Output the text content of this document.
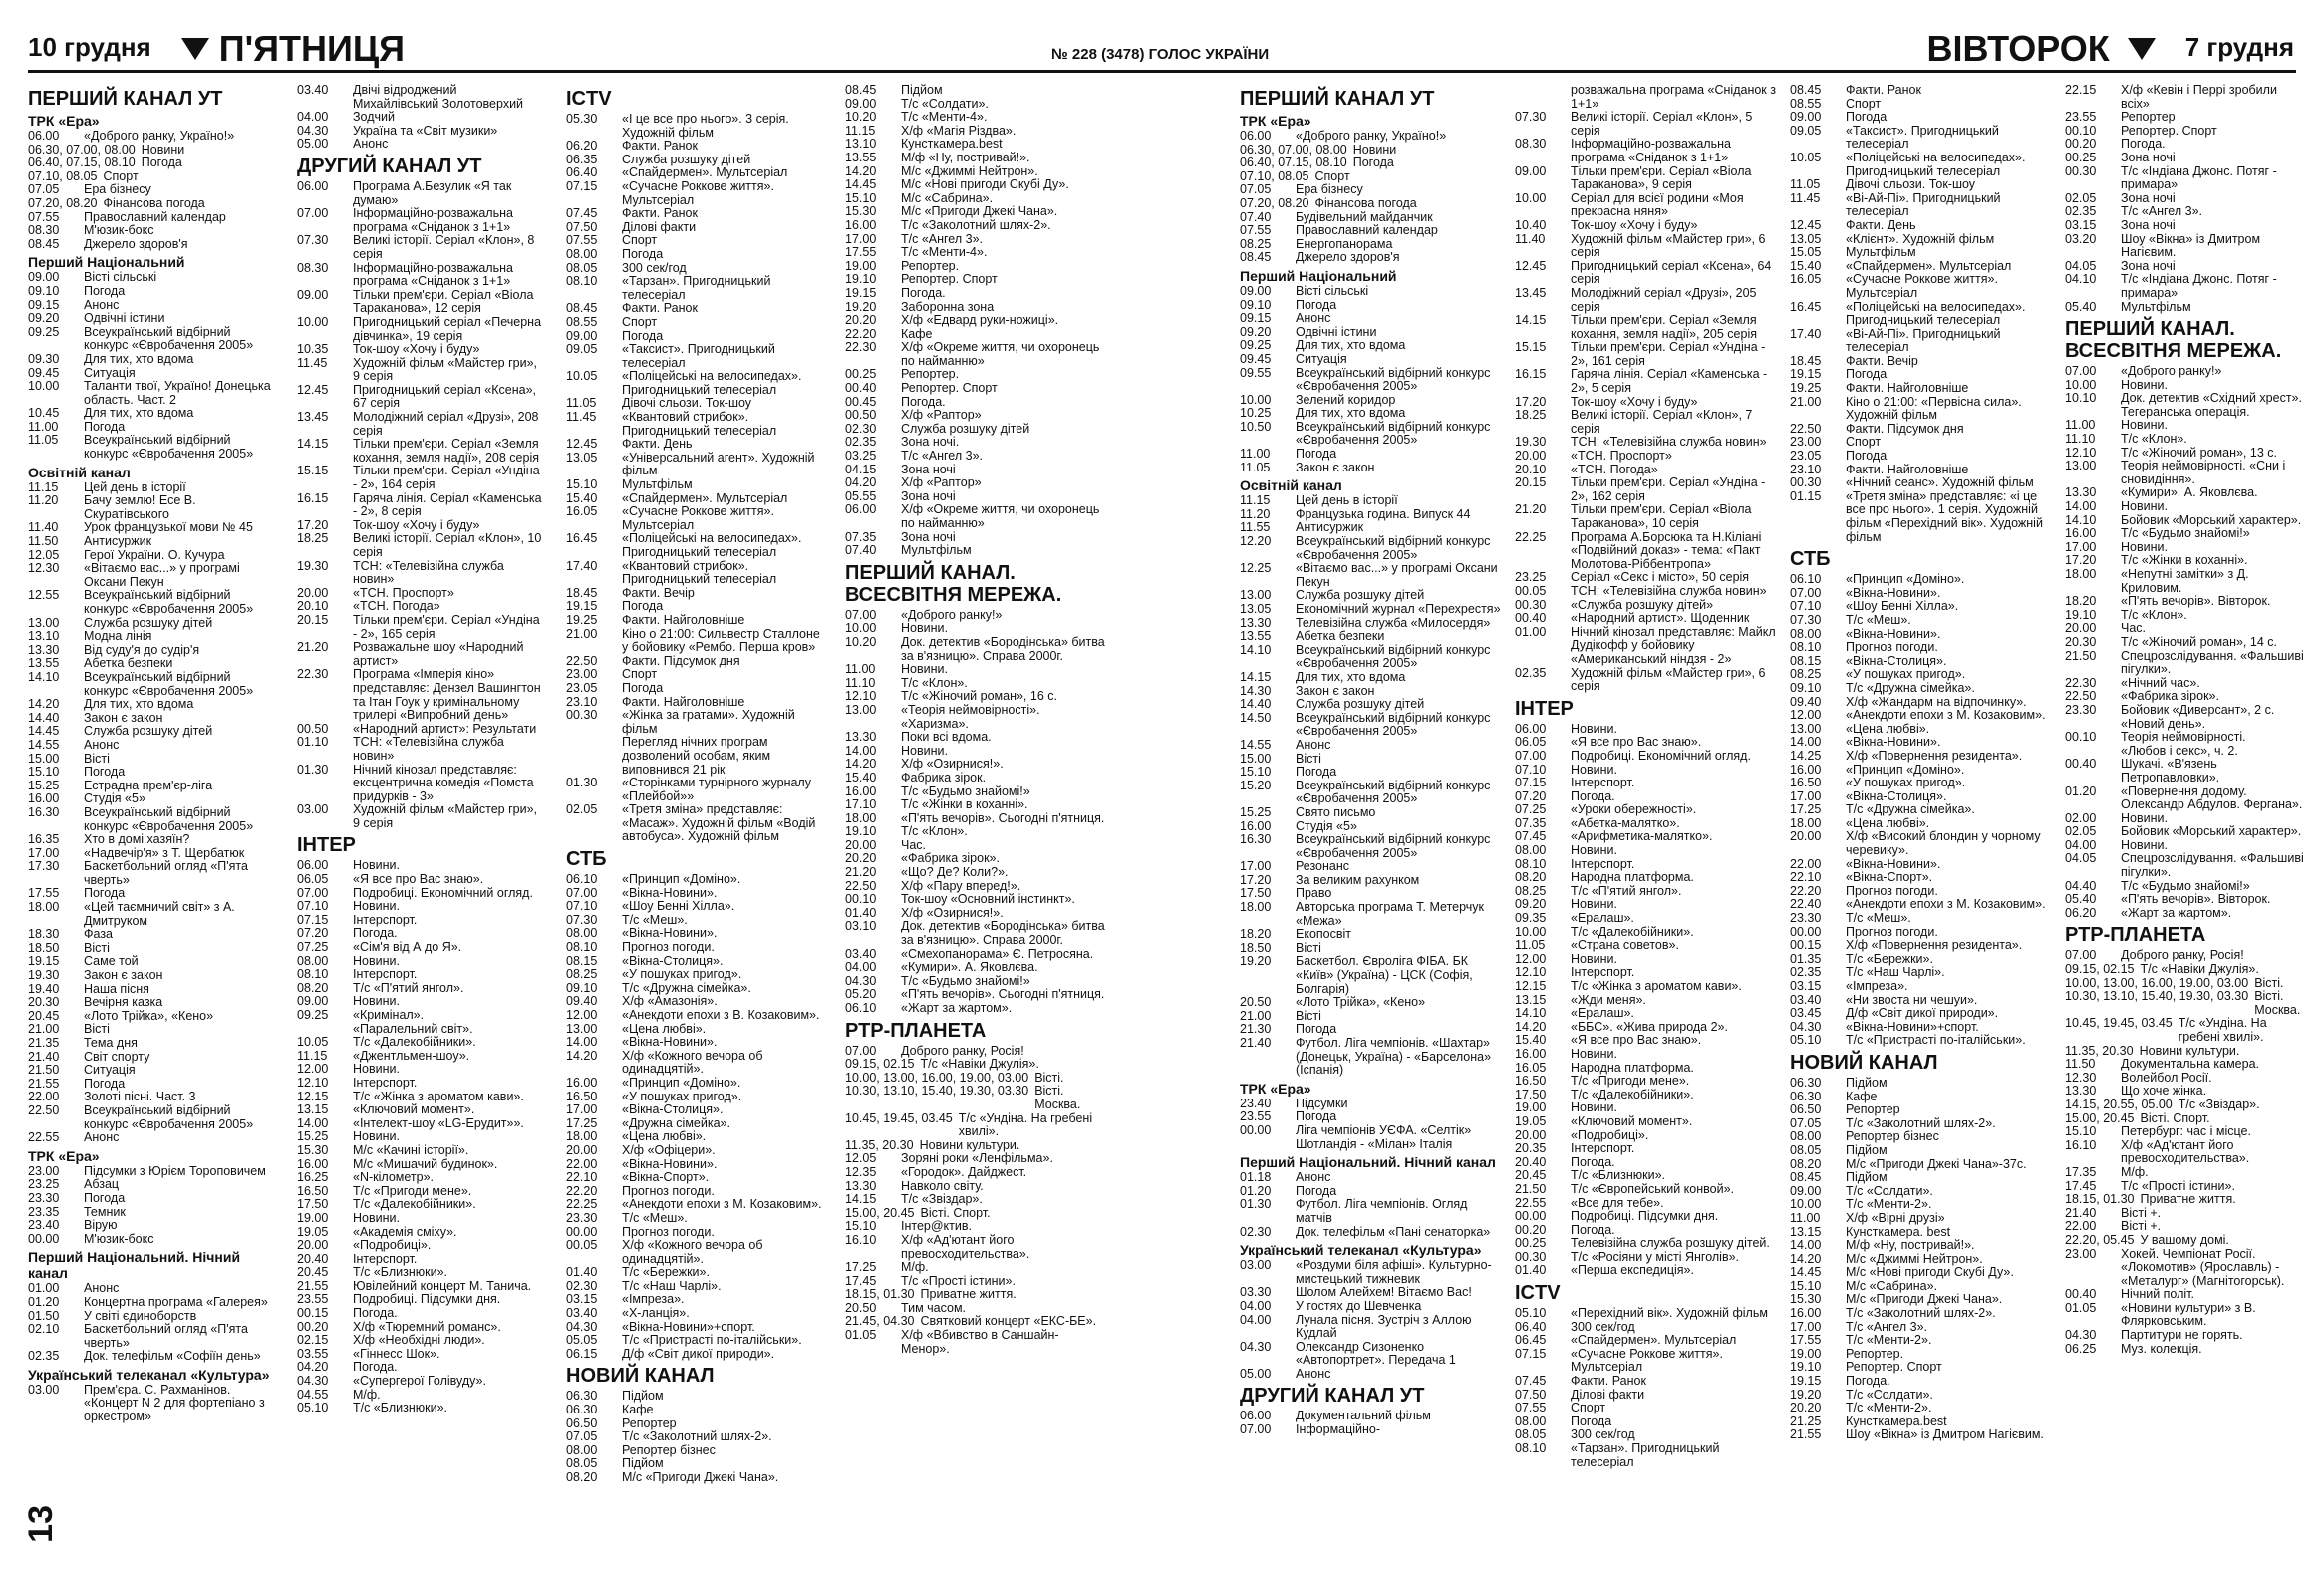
10 грудня П'ЯТНИЦЯ	№ 228 (3478) ГОЛОС УКРАЇНИ	ВІВТОРОК	7 грудня
13
ПЕРШИЙ КАНАЛ УТ
ТРК «Ера»
06.00	«Доброго ранку, Україно!»
06.30, 07.00, 08.00 Новини
06.40, 07.15, 08.10 Погода
07.10, 08.05 Спорт
07.05	Ера бізнесу
07.20, 08.20 Фінансова погода
07.55	Православний календар
08.30	М'юзик-бокс
08.45	Джерело здоров'я
Перший Національний
09.00	Вісті сільські
09.10	Погода
09.15	Анонс
09.20	Одвічні істини
09.25	Всеукраїнський відбірний конкурс «Євробачення 2005»
09.30	Для тих, хто вдома
09.45	Ситуація
10.00	Таланти твої, Україно! Донецька область. Част. 2
10.45	Для тих, хто вдома
11.00	Погода
11.05	Всеукраїнський відбірний конкурс «Євробачення 2005»
Освітній канал
11.15	Цей день в історії
11.20	Бачу землю! Есе В. Скуратівського
11.40	Урок французької мови № 45
11.50	Антисуржик
12.05	Герої України. О. Кучура
12.30	«Вітаємо вас...» у програмі Оксани Пекун
12.55	Всеукраїнський відбірний конкурс «Євробачення 2005»
13.00	Служба розшуку дітей
13.10	Модна лінія
13.30	Від суду'я до судір'я
13.55	Абетка безпеки
14.10	Всеукраїнський відбірний конкурс «Євробачення 2005»
14.20	Для тих, хто вдома
14.40	Закон є закон
14.45	Служба розшуку дітей
14.55	Анонс
15.00	Вісті
15.10	Погода
15.25	Естрадна прем'єр-ліга
16.00	Студія «5»
16.30	Всеукраїнський відбірний конкурс «Євробачення 2005»
16.35	Хто в домі хазяїн?
17.00	«Надвечір'я» з Т. Щербатюк
17.30	Баскетбольний огляд «П'ята чверть»
17.55	Погода
18.00	«Цей таємничий світ» з А. Дмитруком
18.30	Фаза
18.50	Вісті
19.15	Саме той
19.30	Закон є закон
19.40	Наша пісня
20.30	Вечірня казка
20.45	«Лото Трійка», «Кено»
21.00	Вісті
21.35	Тема дня
21.40	Світ спорту
21.50	Ситуація
21.55	Погода
22.00	Золоті пісні. Част. 3
22.50	Всеукраїнський відбірний конкурс «Євробачення 2005»
22.55	Анонс
ТРК «Ера»
23.00	Підсумки з Юрієм Тороповичем
23.25	Абзац
23.30	Погода
23.35	Темник
23.40	Вірую
00.00	М'юзик-бокс
Перший Національний. Нічний канал
01.00	Анонс
01.20	Концертна програма «Галерея»
01.50	У світі єдиноборств
02.10	Баскетбольний огляд «П'ята чверть»
02.35	Док. телефільм «Софіїн день»
Український телеканал «Культура»
03.00	Прем'єра. С. Рахманінов. «Концерт N 2 для фортепіано з оркестром»
03.40	Двічі відроджений Михайлівський Золотоверхий
04.00	Зодчий
04.30	Україна та «Світ музики»
05.00	Анонс
ДРУГИЙ КАНАЛ УТ
06.00	Програма А.Безулик «Я так думаю»
07.00	Інформаційно-розважальна програма «Сніданок з 1+1»
07.30	Великі історії. Серіал «Клон», 8 серія
08.30	Інформаційно-розважальна програма «Сніданок з 1+1»
09.00	Тільки прем'єри. Серіал «Віола Тараканова», 12 серія
10.00	Пригодницький серіал «Печерна дівчинка», 19 серія
10.35	Ток-шоу «Хочу і буду»
11.45	Художній фільм «Майстер гри», 9 серія
12.45	Пригодницький серіал «Ксена», 67 серія
13.45	Молодіжний серіал «Друзі», 208 серія
14.15	Тільки прем'єри. Серіал «Земля кохання, земля надії», 208 серія
15.15	Тільки прем'єри. Серіал «Ундіна - 2», 164 серія
16.15	Гаряча лінія. Серіал «Каменська - 2», 8 серія
17.20	Ток-шоу «Хочу і буду»
18.25	Великі історії. Серіал «Клон», 10 серія
19.30	ТСН: «Телевізійна служба новин»
20.00	«ТСН. Проспорт»
20.10	«ТСН. Погода»
20.15	Тільки прем'єри. Серіал «Ундіна - 2», 165 серія
21.20	Розважальне шоу «Народний артист»
22.30	Програма «Імперія кіно» представляє: Дензел Вашингтон та Ітан Гоук у кримінальному трилері «Випробний день»
00.50	«Народний артист»: Результати
01.10	ТСН: «Телевізійна служба новин»
01.30	Нічний кінозал представляє: ексцентрична комедія «Помста придурків - 3»
03.00	Художній фільм «Майстер гри», 9 серія
ІНТЕР
06.00	Новини.
06.05	«Я все про Вас знаю».
07.00	Подробиці. Економічний огляд.
07.10	Новини.
07.15	Інтерспорт.
07.20	Погода.
07.25	«Сім'я від А до Я».
08.00	Новини.
08.10	Інтерспорт.
08.20	Т/с «П'ятий янгол».
09.00	Новини.
09.25	«Кримінал».
«Паралельний світ».
10.05	Т/с «Далекобійники».
11.15	«Джентльмен-шоу».
12.00	Новини.
12.10	Інтерспорт.
12.15	Т/с «Жінка з ароматом кави».
13.15	«Ключовий момент».
14.00	«Інтелект-шоу «LG-Ерудит»».
15.25	Новини.
15.30	М/с «Качині історії».
16.00	М/с «Мишачий будинок».
16.25	«N-кілометр».
16.50	Т/с «Пригоди мене».
17.50	Т/с «Далекобійники».
19.00	Новини.
19.05	«Академія сміху».
20.00	«Подробиці».
20.40	Інтерспорт.
20.45	Т/с «Близнюки».
21.55	Ювілейний концерт М. Танича.
23.55	Подробиці. Підсумки дня.
00.15	Погода.
00.20	Х/ф «Тюремний романс».
02.15	Х/ф «Необхідні люди».
03.55	«Гіннесс Шок».
04.20	Погода.
04.30	«Супергерої Голівуду».
04.55	М/ф.
05.10	Т/с «Близнюки».
ICTV
05.30	«І це все про нього». 3 серія. Художній фільм
06.20	Факти. Ранок
06.35	Служба розшуку дітей
06.40	«Спайдермен». Мультсеріал
07.15	«Сучасне Роккове життя». Мультсеріал
07.45	Факти. Ранок
07.50	Ділові факти
07.55	Спорт
08.00	Погода
08.05	300 сек/год
08.10	«Тарзан». Пригодницький телесеріал
08.45	Факти. Ранок
08.55	Спорт
09.00	Погода
09.05	«Таксист». Пригодницький телесеріал
10.05	«Поліцейські на велосипедах». Пригодницький телесеріал
11.05	Дівочі сльози. Ток-шоу
11.45	«Квантовий стрибок». Пригодницький телесеріал
12.45	Факти. День
13.05	«Універсальний агент». Художній фільм
15.10	Мультфільм
15.40	«Спайдермен». Мультсеріал
16.05	«Сучасне Роккове життя». Мультсеріал
16.45	«Поліцейські на велосипедах». Пригодницький телесеріал
17.40	«Квантовий стрибок». Пригодницький телесеріал
18.45	Факти. Вечір
19.15	Погода
19.25	Факти. Найголовніше
21.00	Кіно о 21:00: Сильвестр Сталлоне у бойовику «Рембо. Перша кров»
22.50	Факти. Підсумок дня
23.00	Спорт
23.05	Погода
23.10	Факти. Найголовніше
00.30	«Жінка за гратами». Художній фільм
Перегляд нічних програм дозволений особам, яким виповнився 21 рік
01.30	«Сторінками турнірного журналу «Плейбой»»
02.05	«Третя зміна» представляє: «Масаж». Художній фільм «Водій автобуса». Художній фільм
СТБ
06.10	«Принцип «Доміно».
07.00	«Вікна-Новини».
07.10	«Шоу Бенні Хілла».
07.30	Т/с «Меш».
08.00	«Вікна-Новини».
08.10	Прогноз погоди.
08.15	«Вікна-Столиця».
08.25	«У пошуках пригод».
09.10	Т/с «Дружна сімейка».
09.40	Х/ф «Амазонія».
12.00	«Анекдоти епохи з В. Козаковим».
13.00	«Цена любві».
14.00	«Вікна-Новини».
14.20	Х/ф «Кожного вечора об одинадцятій».
16.00	«Принцип «Доміно».
16.50	«У пошуках пригод».
17.00	«Вікна-Столиця».
17.25	«Дружна сімейка».
18.00	«Цена любві».
20.00	Х/ф «Офіцери».
22.00	«Вікна-Новини».
22.10	«Вікна-Спорт».
22.20	Прогноз погоди.
22.25	«Анекдоти епохи з М. Козаковим».
23.30	Т/с «Меш».
00.00	Прогноз погоди.
00.05	Х/ф «Кожного вечора об одинадцятій».
01.40	Т/с «Бережки».
02.30	Т/с «Наш Чарлі».
03.15	«Імпреза».
03.40	«Х-ланція».
04.30	«Вікна-Новини»+спорт.
05.05	Т/с «Пристрасті по-італійськи».
06.15	Д/ф «Світ дикої природи».
НОВИЙ КАНАЛ
06.30	Підйом
06.30	Кафе
06.50	Репортер
07.05	Т/с «Заколотний шлях-2».
08.00	Репортер бізнес
08.05	Підйом
08.20	М/с «Пригоди Джекі Чана».
08.45	Підйом
09.00	Т/с «Солдати».
10.20	Т/с «Менти-4».
11.15	Х/ф «Магія Різдва».
13.10	Кунсткамера.best
13.55	М/ф «Ну, постривай!».
14.20	М/с «Джиммі Нейтрон».
14.45	М/с «Нові пригоди Скубі Ду».
15.10	М/с «Сабрина».
15.30	М/с «Пригоди Джекі Чана».
16.00	Т/с «Заколотний шлях-2».
17.00	Т/с «Ангел 3».
17.55	Т/с «Менти-4».
19.00	Репортер.
19.10	Репортер. Спорт
19.15	Погода.
19.20	Заборонна зона
20.20	Х/ф «Едвард руки-ножиці».
22.20	Кафе
22.30	Х/ф «Окреме життя, чи охоронець по найманню»
00.25	Репортер.
00.40	Репортер. Спорт
00.45	Погода.
00.50	Х/ф «Раптор»
02.30	Служба розшуку дітей
02.35	Зона ночі.
03.25	Т/с «Ангел 3».
04.15	Зона ночі
04.20	Х/ф «Раптор»
05.55	Зона ночі
06.00	Х/ф «Окреме життя, чи охоронець по найманню»
07.35	Зона ночі
07.40	Мультфільм
ПЕРШИЙ КАНАЛ. ВСЕСВІТНЯ МЕРЕЖА.
07.00	«Доброго ранку!»
10.00	Новини.
10.20	Док. детектив «Бородінська» битва за в'язницю». Справа 2000г.
11.00	Новини.
11.10	Т/с «Клон».
12.10	Т/с «Жіночий роман», 16 с.
13.00	«Теорія неймовірності». «Харизма».
13.30	Поки всі вдома.
14.00	Новини.
14.20	Х/ф «Озирнися!».
15.40	Фабрика зірок.
16.00	Т/с «Будьмо знайомі!»
17.10	Т/с «Жінки в коханні».
18.00	«П'ять вечорів». Сьогодні п'ятниця.
19.10	Т/с «Клон».
20.00	Час.
20.20	«Фабрика зірок».
21.20	«Що? Де? Коли?».
22.50	Х/ф «Пару вперед!».
00.10	Ток-шоу «Основний інстинкт».
01.40	Х/ф «Озирнися!».
03.10	Док. детектив «Бородінська» битва за в'язницю». Справа 2000г.
03.40	«Смехопанорама» Є. Петросяна.
04.00	«Кумири». А. Яковлєва.
04.30	Т/с «Будьмо знайомі!»
05.20	«П'ять вечорів». Сьогодні п'ятниця.
06.10	«Жарт за жартом».
РТР-ПЛАНЕТА
07.00	Доброго ранку, Росія!
09.15, 02.15 Т/с «Навіки Джулія».
10.00, 13.00, 16.00, 19.00, 03.00 Вісті.
10.30, 13.10, 15.40, 19.30, 03.30 Вісті. Москва.
10.45, 19.45, 03.45 Т/с «Ундіна. На гребені хвилі».
11.35, 20.30 Новини культури.
12.05	Зоряні роки «Ленфільма».
12.35	«Городок». Дайджест.
13.30	Навколо світу.
14.15	Т/с «Звіздар».
15.00, 20.45 Вісті. Спорт.
15.10	Інтер@ктив.
16.10	Х/ф «Ад'ютант його превосходительства».
17.25	М/ф.
17.45	Т/с «Прості істини».
18.15, 01.30 Приватне життя.
20.50	Тим часом.
21.45, 04.30 Святковий концерт «ЕКС-БЕ».
01.05	Х/ф «Вбивство в Саншайн-Менор».
ПЕРШИЙ КАНАЛ УТ
ТРК «Ера»
06.00	«Доброго ранку, Україно!»
06.30, 07.00, 08.00 Новини
06.40, 07.15, 08.10 Погода
07.10, 08.05 Спорт
07.05	Ера бізнесу
07.20, 08.20 Фінансова погода
07.40	Будівельний майданчик
07.55	Православний календар
08.25	Енергопанорама
08.45	Джерело здоров'я
Перший Національний
09.00	Вісті сільські
09.10	Погода
09.15	Анонс
09.20	Одвічні істини
09.25	Для тих, хто вдома
09.45	Ситуація
09.55	Всеукраїнський відбірний конкурс «Євробачення 2005»
10.00	Зелений коридор
10.25	Для тих, хто вдома
10.50	Всеукраїнський відбірний конкурс «Євробачення 2005»
11.00	Погода
11.05	Закон є закон
Освітній канал
11.15	Цей день в історії
11.20	Французька година. Випуск 44
11.55	Антисуржик
12.20	Всеукраїнський відбірний конкурс «Євробачення 2005»
12.25	«Вітаємо вас...» у програмі Оксани Пекун
13.00	Служба розшуку дітей
13.05	Економічний журнал «Перехрестя»
13.30	Телевізійна служба «Милосердя»
13.55	Абетка безпеки
14.10	Всеукраїнський відбірний конкурс «Євробачення 2005»
14.15	Для тих, хто вдома
14.30	Закон є закон
14.40	Служба розшуку дітей
14.50	Всеукраїнський відбірний конкурс «Євробачення 2005»
14.55	Анонс
15.00	Вісті
15.10	Погода
15.20	Всеукраїнський відбірний конкурс «Євробачення 2005»
15.25	Свято письмо
16.00	Студія «5»
16.30	Всеукраїнський відбірний конкурс «Євробачення 2005»
17.00	Резонанс
17.20	За великим рахунком
17.50	Право
18.00	Авторська програма Т. Метерчук «Межа»
18.20	Екопосвіт
18.50	Вісті
19.20	Баскетбол. Євроліга ФІБА. БК «Київ» (Україна) - ЦСК (Софія, Болгарія)
20.50	«Лото Трійка», «Кено»
21.00	Вісті
21.30	Погода
21.40	Футбол. Ліга чемпіонів. «Шахтар» (Донецьк, Україна) - «Барселона» (Іспанія)
ТРК «Ера»
23.40	Підсумки
23.55	Погода
00.00	Ліга чемпіонів УЄФА. «Селтік» Шотландія - «Мілан» Італія
Перший Національний. Нічний канал
01.18	Анонс
01.20	Погода
01.30	Футбол. Ліга чемпіонів. Огляд матчів
02.30	Док. телефільм «Пані сенаторка»
Український телеканал «Культура»
03.00	«Роздуми біля афіші». Культурно-мистецький тижневик
03.30	Шолом Алейхем! Вітаємо Вас!
04.00	У гостях до Шевченка
04.00	Лунала пісня. Зустріч з Аллою Кудлай
04.30	Олександр Сизоненко «Автопортрет». Передача 1
05.00	Анонс
ДРУГИЙ КАНАЛ УТ
06.00	Документальний фільм
07.00	Інформаційно-
розважальна програма «Сніданок з 1+1»
07.30	Великі історії. Серіал «Клон», 5 серія
08.30	Інформаційно-розважальна програма «Сніданок з 1+1»
09.00	Тільки прем'єри. Серіал «Віола Тараканова», 9 серія
10.00	Серіал для всієї родини «Моя прекрасна няня»
10.40	Ток-шоу «Хочу і буду»
11.40	Художній фільм «Майстер гри», 6 серія
12.45	Пригодницький серіал «Ксена», 64 серія
13.45	Молодіжний серіал «Друзі», 205 серія
14.15	Тільки прем'єри. Серіал «Земля кохання, земля надії», 205 серія
15.15	Тільки прем'єри. Серіал «Ундіна - 2», 161 серія
16.15	Гаряча лінія. Серіал «Каменська - 2», 5 серія
17.20	Ток-шоу «Хочу і буду»
18.25	Великі історії. Серіал «Клон», 7 серія
19.30	ТСН: «Телевізійна служба новин»
20.00	«ТСН. Проспорт»
20.10	«ТСН. Погода»
20.15	Тільки прем'єри. Серіал «Ундіна - 2», 162 серія
21.20	Тільки прем'єри. Серіал «Віола Тараканова», 10 серія
22.25	Програма А.Борсюка та Н.Кіліані «Подвійний доказ» - тема: «Пакт Молотова-Ріббентропа»
23.25	Серіал «Секс і місто», 50 серія
00.05	ТСН: «Телевізійна служба новин»
00.30	«Служба розшуку дітей»
00.40	«Народний артист». Щоденник
01.00	Нічний кінозал представляє: Майкл Дудікофф у бойовику «Американський ніндзя - 2»
02.35	Художній фільм «Майстер гри», 6 серія
ІНТЕР
06.00	Новини.
06.05	«Я все про Вас знаю».
07.00	Подробиці. Економічний огляд.
07.10	Новини.
07.15	Інтерспорт.
07.20	Погода.
07.25	«Уроки обережності».
07.35	«Абетка-малятко».
07.45	«Арифметика-малятко».
08.00	Новини.
08.10	Інтерспорт.
08.20	Народна платформа.
08.25	Т/с «П'ятий янгол».
09.20	Новини.
09.35	«Ералаш».
10.00	Т/с «Далекобійники».
11.05	«Страна советов».
12.00	Новини.
12.10	Інтерспорт.
12.15	Т/с «Жінка з ароматом кави».
13.15	«Жди меня».
14.10	«Ералаш».
14.20	«ББС». «Жива природа 2».
15.40	«Я все про Вас знаю».
16.00	Новини.
16.05	Народна платформа.
16.50	Т/с «Пригоди мене».
17.50	Т/с «Далекобійники».
19.00	Новини.
19.05	«Ключовий момент».
20.00	«Подробиці».
20.35	Інтерспорт.
20.40	Погода.
20.45	Т/с «Близнюки».
21.50	Т/с «Європейський конвой».
22.55	«Все для тебе».
00.00	Подробиці. Підсумки дня.
00.20	Погода.
00.25	Телевізійна служба розшуку дітей.
00.30	Т/с «Росіяни у місті Янголів».
01.40	«Перша експедиція».
ICTV
05.10	«Перехідний вік». Художній фільм
06.40	300 сек/год
06.45	«Спайдермен». Мультсеріал
07.15	«Сучасне Роккове життя». Мультсеріал
07.45	Факти. Ранок
07.50	Ділові факти
07.55	Спорт
08.00	Погода
08.05	300 сек/год
08.10	«Тарзан». Пригодницький телесеріал
08.45	Факти. Ранок
08.55	Спорт
09.00	Погода
09.05	«Таксист». Пригодницький телесеріал
10.05	«Поліцейські на велосипедах». Пригодницький телесеріал
11.05	Дівочі сльози. Ток-шоу
11.45	«Ві-Ай-Пі». Пригодницький телесеріал
12.45	Факти. День
13.05	«Клієнт». Художній фільм
15.05	Мультфільм
15.40	«Спайдермен». Мультсеріал
16.05	«Сучасне Роккове життя». Мультсеріал
16.45	«Поліцейські на велосипедах». Пригодницький телесеріал
17.40	«Ві-Ай-Пі». Пригодницький телесеріал
18.45	Факти. Вечір
19.15	Погода
19.25	Факти. Найголовніше
21.00	Кіно о 21:00: «Первісна сила». Художній фільм
22.50	Факти. Підсумок дня
23.00	Спорт
23.05	Погода
23.10	Факти. Найголовніше
00.30	«Нічний сеанс». Художній фільм
01.15	«Третя зміна» представляє: «і це все про нього». 1 серія. Художній фільм «Перехідний вік». Художній фільм
СТБ
06.10	«Принцип «Доміно».
07.00	«Вікна-Новини».
07.10	«Шоу Бенні Хілла».
07.30	Т/с «Меш».
08.00	«Вікна-Новини».
08.10	Прогноз погоди.
08.15	«Вікна-Столиця».
08.25	«У пошуках пригод».
09.10	Т/с «Дружна сімейка».
09.40	Х/ф «Жандарм на відпочинку».
12.00	«Анекдоти епохи з М. Козаковим».
13.00	«Цена любві».
14.00	«Вікна-Новини».
14.25	Х/ф «Повернення резидента».
16.00	«Принцип «Доміно».
16.50	«У пошуках пригод».
17.00	«Вікна-Столиця».
17.25	Т/с «Дружна сімейка».
18.00	«Цена любві».
20.00	Х/ф «Високий блондин у чорному черевику».
22.00	«Вікна-Новини».
22.10	«Вікна-Спорт».
22.20	Прогноз погоди.
22.40	«Анекдоти епохи з М. Козаковим».
23.30	Т/с «Меш».
00.00	Прогноз погоди.
00.15	Х/ф «Повернення резидента».
01.35	Т/с «Бережки».
02.35	Т/с «Наш Чарлі».
03.15	«Імпреза».
03.40	«Ни звоста ни чешуи».
03.45	Д/ф «Світ дикої природи».
04.30	«Вікна-Новини»+спорт.
05.10	Т/с «Пристрасті по-італійськи».
НОВИЙ КАНАЛ
06.30	Підйом
06.30	Кафе
06.50	Репортер
07.05	Т/с «Заколотний шлях-2».
08.00	Репортер бізнес
08.05	Підйом
08.20	М/с «Пригоди Джекі Чана»-37с.
08.45	Підйом
09.00	Т/с «Солдати».
10.00	Т/с «Менти-2».
11.00	Х/ф «Вірні друзі»
13.15	Кунсткамера. best
14.00	М/ф «Ну, постривай!».
14.20	М/с «Джиммі Нейтрон».
14.45	М/с «Нові пригоди Скубі Ду».
15.10	М/с «Сабрина».
15.30	М/с «Пригоди Джекі Чана».
16.00	Т/с «Заколотний шлях-2».
17.00	Т/с «Ангел 3».
17.55	Т/с «Менти-2».
19.00	Репортер.
19.10	Репортер. Спорт
19.15	Погода.
19.20	Т/с «Солдати».
20.20	Т/с «Менти-2».
21.25	Кунсткамера.best
21.55	Шоу «Вікна» із Дмитром Нагієвим.
22.15	Х/ф «Кевін і Перрі зробили всіх»
23.55	Репортер
00.10	Репортер. Спорт
00.20	Погода.
00.25	Зона ночі
00.30	Т/с «Індіана Джонс. Потяг - примара»
02.05	Зона ночі
02.35	Т/с «Ангел 3».
03.15	Зона ночі
03.20	Шоу «Вікна» із Дмитром Нагієвим.
04.05	Зона ночі
04.10	Т/с «Індіана Джонс. Потяг - примара»
05.40	Мультфільм
ПЕРШИЙ КАНАЛ. ВСЕСВІТНЯ МЕРЕЖА.
07.00	«Доброго ранку!»
10.00	Новини.
10.10	Док. детектив «Східний хрест». Тегеранська операція.
11.00	Новини.
11.10	Т/с «Клон».
12.10	Т/с «Жіночий роман», 13 с.
13.00	Теорія неймовірності. «Сни і сновидіння».
13.30	«Кумири». А. Яковлєва.
14.00	Новини.
14.10	Бойовик «Морський характер».
16.00	Т/с «Будьмо знайомі!»
17.00	Новини.
17.20	Т/с «Жінки в коханні».
18.00	«Непутні замітки» з Д. Криловим.
18.20	«П'ять вечорів». Вівторок.
19.10	Т/с «Клон».
20.00	Час.
20.30	Т/с «Жіночий роман», 14 с.
21.50	Спецрозслідування. «Фальшиві пігулки».
22.30	«Нічний час».
22.50	«Фабрика зірок».
23.30	Бойовик «Диверсант», 2 с.
«Новий день».
00.10	Теорія неймовірності.
«Любов і секс», ч. 2.
00.40	Шукачі. «В'язень Петропавловки».
01.20	«Повернення додому. Олександр Абдулов. Фергана».
02.00	Новини.
02.05	Бойовик «Морський характер».
04.00	Новини.
04.05	Спецрозслідування. «Фальшиві пігулки».
04.40	Т/с «Будьмо знайомі!»
05.40	«П'ять вечорів». Вівторок.
06.20	«Жарт за жартом».
РТР-ПЛАНЕТА
07.00	Доброго ранку, Росія!
09.15, 02.15 Т/с «Навіки Джулія».
10.00, 13.00, 16.00, 19.00, 03.00 Вісті.
10.30, 13.10, 15.40, 19.30, 03.30 Вісті. Москва.
10.45, 19.45, 03.45 Т/с «Ундіна. На гребені хвилі».
11.35, 20.30 Новини культури.
11.50	Документальна камера.
12.30	Волейбол Росії.
13.30	Що хоче жінка.
14.15, 20.55, 05.00 Т/с «Звіздар».
15.00, 20.45 Вісті. Спорт.
15.10	Петербург: час і місце.
16.10	Х/ф «Ад'ютант його превосходительства».
17.35	М/ф.
17.45	Т/с «Прості істини».
18.15, 01.30 Приватне життя.
21.40	Вісті +.
22.00	Вісті +.
22.20, 05.45 У вашому домі.
23.00	Хокей. Чемпіонат Росії. «Локомотив» (Ярославль) - «Металург» (Магнітогорськ).
00.40	Нічний політ.
01.05	«Новини культури» з В. Флярковським.
04.30	Партитури не горять.
06.25	Муз. колекція.
